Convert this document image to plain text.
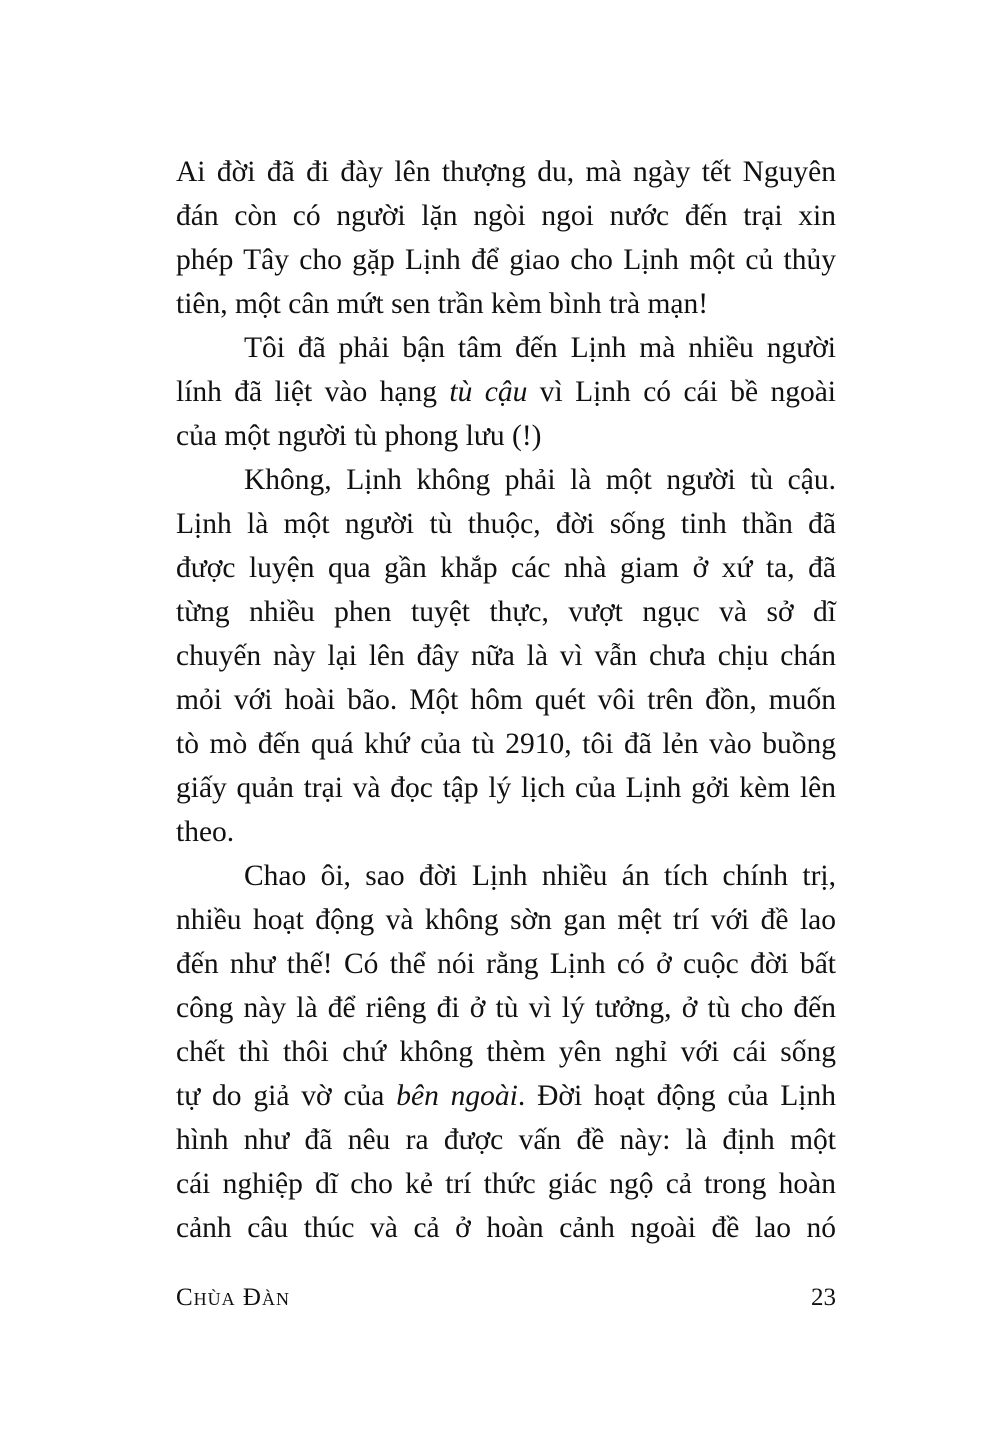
Ai đời đã đi đày lên thượng du, mà ngày tết Nguyên
đán còn có người lặn ngòi ngoi nước đến trại xin
phép Tây cho gặp Lịnh để giao cho Lịnh một củ thủy
tiên, một cân mứt sen trần kèm bình trà mạn!
Tôi đã phải bận tâm đến Lịnh mà nhiều người
lính đã liệt vào hạng tù cậu vì Lịnh có cái bề ngoài
của một người tù phong lưu (!)
Không, Lịnh không phải là một người tù cậu.
Lịnh là một người tù thuộc, đời sống tinh thần đã
được luyện qua gần khắp các nhà giam ở xứ ta, đã
từng nhiều phen tuyệt thực, vượt ngục và sở dĩ
chuyến này lại lên đây nữa là vì vẫn chưa chịu chán
mỏi với hoài bão. Một hôm quét vôi trên đồn, muốn
tò mò đến quá khứ của tù 2910, tôi đã lẻn vào buồng
giấy quản trại và đọc tập lý lịch của Lịnh gởi kèm lên
theo.
Chao ôi, sao đời Lịnh nhiều án tích chính trị,
nhiều hoạt động và không sờn gan mệt trí với đề lao
đến như thế! Có thể nói rằng Lịnh có ở cuộc đời bất
công này là để riêng đi ở tù vì lý tưởng, ở tù cho đến
chết thì thôi chứ không thèm yên nghỉ với cái sống
tự do giả vờ của bên ngoài. Đời hoạt động của Lịnh
hình như đã nêu ra được vấn đề này: là định một
cái nghiệp dĩ cho kẻ trí thức giác ngộ cả trong hoàn
cảnh câu thúc và cả ở hoàn cảnh ngoài đề lao nó
Chùa Đàn	23
